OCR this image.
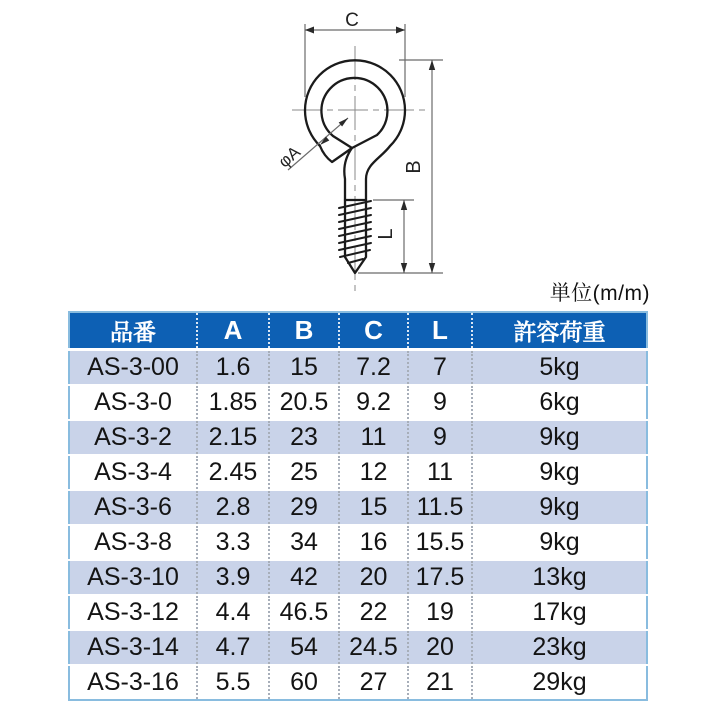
C
B
L
φA
単位(m/m)
品番	A	B	C	L	許容荷重
AS-3-00	1.6	15	7.2	7	5kg
AS-3-0	1.85	20.5	9.2	9	6kg
AS-3-2	2.15	23	11	9	9kg
AS-3-4	2.45	25	12	11	9kg
AS-3-6	2.8	29	15	11.5	9kg
AS-3-8	3.3	34	16	15.5	9kg
AS-3-10	3.9	42	20	17.5	13kg
AS-3-12	4.4	46.5	22	19	17kg
AS-3-14	4.7	54	24.5	20	23kg
AS-3-16	5.5	60	27	21	29kg
